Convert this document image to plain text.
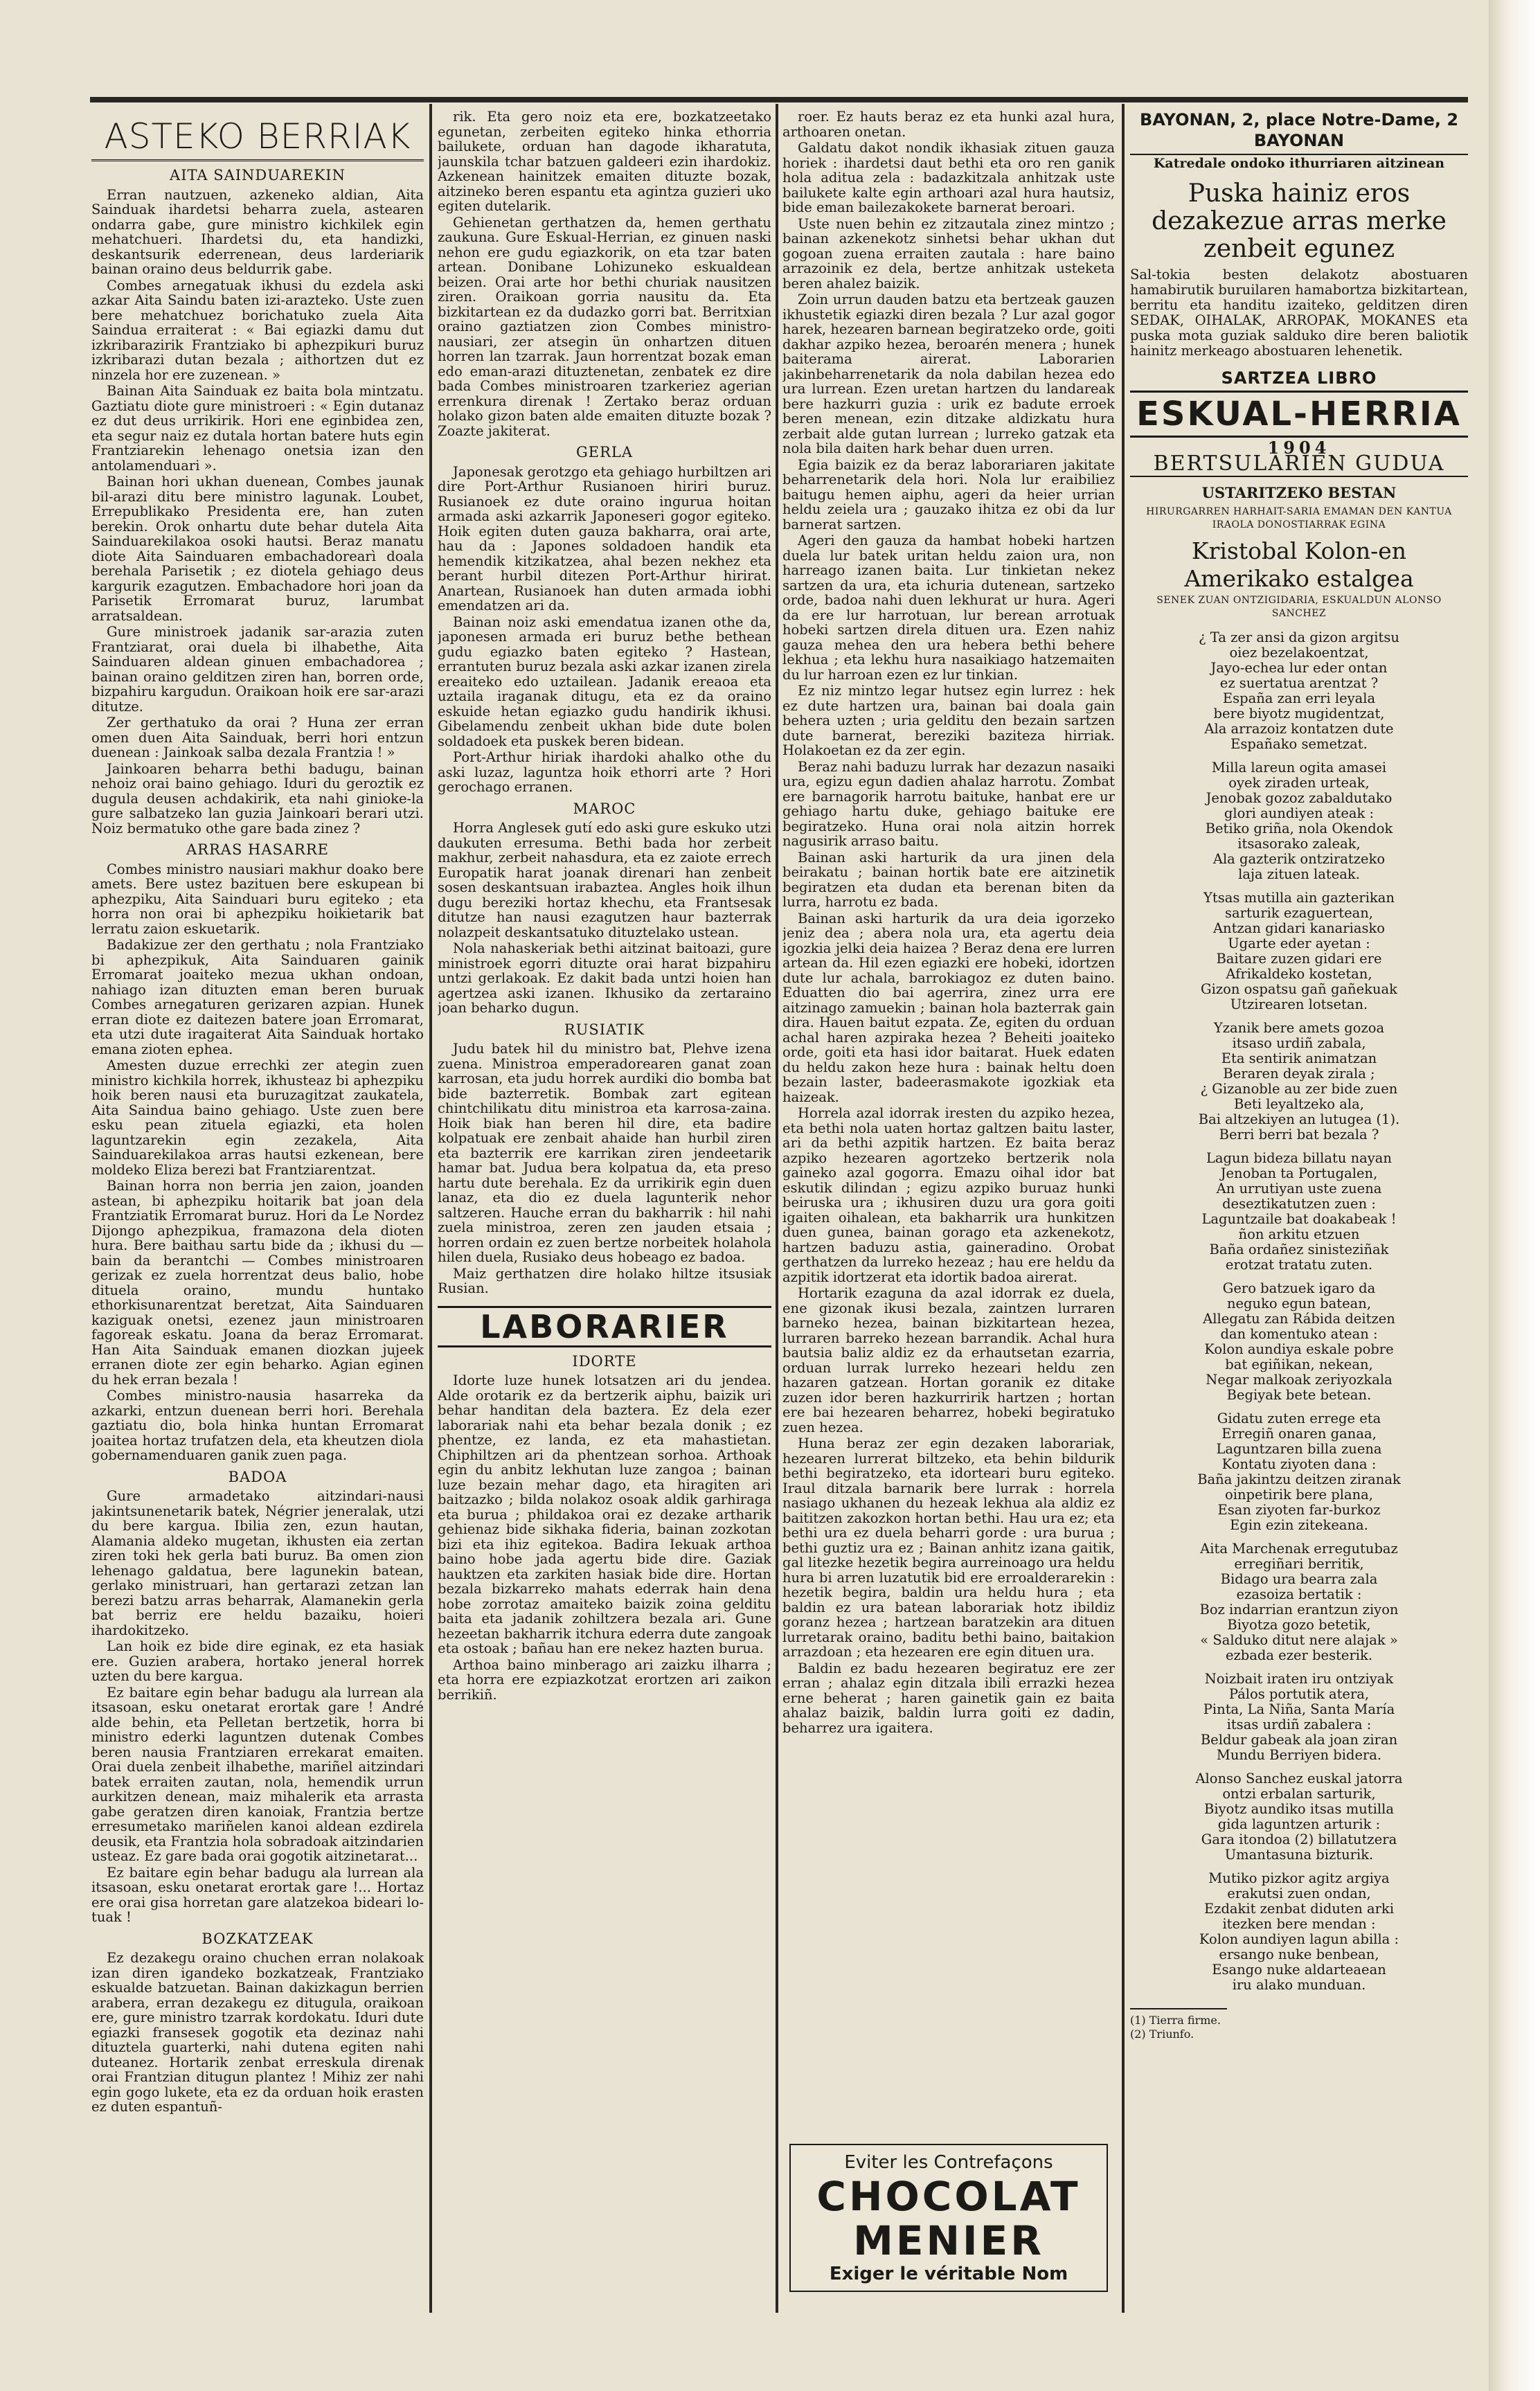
ASTEKO BERRIAK
AITA SAINDUAREKIN

Erran nautzuen, azkeneko aldian, Aita Sainduak ihardetsi beharra zuela, astearen ondarra gabe, gure ministro kichkilek egin mehatchueri. Ihardetsi du, eta handizki, deskantsurik ederrenean, deus larderiarik bainan oraino deus beldurrik gabe.

Combes arnegatuak ikhusi du ezdela aski azkar Aita Saindu baten izi-arazteko. Uste zuen bere mehatchuez borichatuko zuela Aita Saindua erraiterat : « Bai egiazki damu dut izkribarazirik Frantziako bi aphezpikuri buruz izkribarazi dutan bezala ; aithortzen dut ez ninzela hor ere zuzenean. »

Bainan Aita Sainduak ez baita bola mintzatu. Gaztiatu diote gure ministroeri : « Egin dutanaz ez dut deus urrikirik. Hori ene eginbidea zen, eta segur naiz ez dutala hortan batere huts egin Frantziarekin lehenago onetsia izan den antolamenduari ».

Bainan hori ukhan duenean, Combes jaunak bil-arazi ditu bere ministro lagunak. Loubet, Errepublikako Presidenta ere, han zuten berekin. Orok onhartu dute behar dutela Aita Sainduarekilakoa osoki hautsi. Beraz manatu diote Aita Sainduaren embachadorearì doala berehala Parisetik ; ez diotela gehiago deus kargurik ezagutzen. Embachadore hori joan da Parisetik Erromarat buruz, larumbat arratsaldean.

Gure ministroek jadanik sar-arazia zuten Frantziarat, orai duela bi ilhabethe, Aita Sainduaren aldean ginuen embachadorea ; bainan oraino gelditzen ziren han, borren orde, bizpahiru kargudun. Oraikoan hoik ere sar-arazi ditutze.

Zer gerthatuko da orai ? Huna zer erran omen duen Aita Sainduak, berri hori entzun duenean : Jainkoak salba dezala Frantzia ! »

Jainkoaren beharra bethi badugu, bainan nehoiz orai baino gehiago. Iduri du geroztik ez dugula deusen achdakirik, eta nahi ginioke-la gure salbatzeko lan guzia Jainkoari berari utzi. Noiz bermatuko othe gare bada zinez ?

ARRAS HASARRE

Combes ministro nausiari makhur doako bere amets. Bere ustez bazituen bere eskupean bi aphezpiku, Aita Sainduari buru egiteko ; eta horra non orai bi aphezpiku hoikietarik bat lerratu zaion eskuetarik.

Badakizue zer den gerthatu ; nola Frantziako bi aphezpikuk, Aita Sainduaren gainik Erromarat joaiteko mezua ukhan ondoan, nahiago izan dituzten eman beren buruak Combes arnegaturen gerizaren azpian. Hunek erran diote ez daitezen batere joan Erromarat, eta utzi dute iragaiterat Aita Sainduak hortako emana zioten ephea.

Amesten duzue errechki zer ategin zuen ministro kichkila horrek, ikhusteaz bi aphezpiku hoik beren nausi eta buruzagitzat zaukatela, Aita Saindua baino gehiago. Uste zuen bere esku pean zituela egiazki, eta holen laguntzarekin egin zezakela, Aita Sainduarekilakoa arras hautsi ezkenean, bere moldeko Eliza berezi bat Frantziarentzat.

Bainan horra non berria jen zaion, joanden astean, bi aphezpiku hoitarik bat joan dela Frantziatik Erromarat buruz. Hori da Le Nordez Dijongo aphezpikua, framazona dela dioten hura. Bere baithau sartu bide da ; ikhusi du — bain da berantchi — Combes ministroaren gerizak ez zuela horrentzat deus balio, hobe dituela oraino, mundu huntako ethorkisunarentzat beretzat, Aita Sainduaren kaziguak onetsi, ezenez jaun ministroaren fagoreak eskatu. Joana da beraz Erromarat. Han Aita Sainduak emanen diozkan jujeek erranen diote zer egin beharko. Agian eginen du hek erran bezala !

Combes ministro-nausia hasarreka da azkarki, entzun duenean berri hori. Berehala gaztiatu dio, bola hinka huntan Erromarat joaitea hortaz trufatzen dela, eta kheutzen diola gobernamenduaren ganik zuen paga.

BADOA

Gure armadetako aitzindari-nausi jakintsunenetarik batek, Négrier jeneralak, utzi du bere kargua. Ibilia zen, ezun hautan, Alamania aldeko mugetan, ikhusten eia zertan ziren toki hek gerla bati buruz. Ba omen zion lehenago galdatua, bere lagunekin batean, gerlako ministruari, han gertarazi zetzan lan berezi batzu arras beharrak, Alamanekin gerla bat berriz ere heldu bazaiku, hoieri ihardokitzeko.

Lan hoik ez bide dire eginak, ez eta hasiak ere. Guzien arabera, hortako jeneral horrek uzten du bere kargua.

Ez baitare egin behar badugu ala lurrean ala itsasoan, esku onetarat erortak gare ! André alde behin, eta Pelletan bertzetik, horra bi ministro ederki laguntzen dutenak Combes beren nausia Frantziaren errekarat emaiten. Orai duela zenbeit ilhabethe, mariñel aitzindari batek erraiten zautan, nola, hemendik urrun aurkitzen denean, maiz mihalerik eta arrasta gabe geratzen diren kanoiak, Frantzia bertze erresumetako mariñelen kanoi aldean ezdirela deusik, eta Frantzia hola sobradoak aitzindarien usteaz. Ez gare bada orai gogotik aitzinetarat...

Ez baitare egin behar badugu ala lurrean ala itsasoan, esku onetarat erortak gare !... Hortaz ere orai gisa horretan gare alatzekoa bideari lo-tuak !

BOZKATZEAK

Ez dezakegu oraino chuchen erran nolakoak izan diren igandeko bozkatzeak, Frantziako eskualde batzuetan. Bainan dakizkagun berrien arabera, erran dezakegu ez ditugula, oraikoan ere, gure ministro tzarrak kordokatu. Iduri dute egiazki fransesek gogotik eta dezinaz nahi dituztela guarterki, nahi dutena egiten nahi duteanez. Hortarik zenbat erreskula direnak orai Frantzian ditugun plantez ! Mihiz zer nahi egin gogo lukete, eta ez da orduan hoik erasten ez duten espantuñ-

rik. Eta gero noiz eta ere, bozkatzeetako egunetan, zerbeiten egiteko hinka ethorria bailukete, orduan han dagode ikharatuta, jaunskila tchar batzuen galdeeri ezin ihardokiz. Azkenean hainitzek emaiten dituzte bozak, aitzineko beren espantu eta agintza guzieri uko egiten dutelarik.

Gehienetan gerthatzen da, hemen gerthatu zaukuna. Gure Eskual-Herrian, ez ginuen naski nehon ere gudu egiazkorik, on eta tzar baten artean. Donibane Lohizuneko eskualdean beizen. Orai arte hor bethi churiak nausitzen ziren. Oraikoan gorria nausitu da. Eta bizkitartean ez da dudazko gorri bat. Berritxian oraino gaztiatzen zion Combes ministro-nausiari, zer atsegin ün onhartzen dituen horren lan tzarrak. Jaun horrentzat bozak eman edo eman-arazi dituztenetan, zenbatek ez dire bada Combes ministroaren tzarkeriez agerian errenkura direnak ! Zertako beraz orduan holako gizon baten alde emaiten dituzte bozak ? Zoazte jakiterat.

GERLA

Japonesak gerotzgo eta gehiago hurbiltzen ari dire Port-Arthur Rusianoen hiriri buruz. Rusianoek ez dute oraino ingurua hoitan armada aski azkarrik Japoneseri gogor egiteko. Hoik egiten duten gauza bakharra, orai arte, hau da : Japones soldadoen handik eta hemendik kitzikatzea, ahal bezen nekhez eta berant hurbil ditezen Port-Arthur hirirat. Anartean, Rusianoek han duten armada iobhi emendatzen ari da.

Bainan noiz aski emendatua izanen othe da, japonesen armada eri buruz bethe bethean gudu egiazko baten egiteko ? Hastean, errantuten buruz bezala aski azkar izanen zirela ereaiteko edo uztailean. Jadanik ereaoa eta uztaila iraganak ditugu, eta ez da oraino eskuide hetan egiazko gudu handirik ikhusi. Gibelamendu zenbeit ukhan bide dute bolen soldadoek eta puskek beren bidean.

Port-Arthur hiriak ihardoki ahalko othe du aski luzaz, laguntza hoik ethorri arte ? Hori gerochago erranen.

MAROC

Horra Anglesek gutí edo aski gure eskuko utzi daukuten erresuma. Bethi bada hor zerbeit makhur, zerbeit nahasdura, eta ez zaiote errech Europatik harat joanak direnari han zenbeit sosen deskantsuan irabaztea. Angles hoik ilhun dugu bereziki hortaz khechu, eta Frantsesak ditutze han nausi ezagutzen haur bazterrak nolazpeit deskantsatuko dituztelako ustean.

Nola nahaskeriak bethi aitzinat baitoazi, gure ministroek egorri dituzte orai harat bizpahiru untzi gerlakoak. Ez dakit bada untzi hoien han agertzea aski izanen. Ikhusiko da zertaraino joan beharko dugun.

RUSIATIK

Judu batek hil du ministro bat, Plehve izena zuena. Ministroa emperadorearen ganat zoan karrosan, eta judu horrek aurdiki dio bomba bat bide bazterretik. Bombak zart egitean chintchilikatu ditu ministroa eta karrosa-zaina. Hoik biak han beren hil dire, eta badire kolpatuak ere zenbait ahaide han hurbil ziren eta bazterrik ere karrikan ziren jendeetarik hamar bat. Judua bera kolpatua da, eta preso hartu dute berehala. Ez da urrikirik egin duen lanaz, eta dio ez duela lagunterik nehor saltzeren. Hauche erran du bakharrik : hil nahi zuela ministroa, zeren zen jauden etsaia ; horren ordain ez zuen bertze norbeitek holahola hilen duela, Rusiako deus hobeago ez badoa.

Maiz gerthatzen dire holako hiltze itsusiak Rusian.

LABORARIER
IDORTE

Idorte luze hunek lotsatzen ari du jendea. Alde orotarik ez da bertzerik aiphu, baizik uri behar handitan dela baztera. Ez dela ezer laborariak nahi eta behar bezala donik ; ez phentze, ez landa, ez eta mahastietan. Chiphiltzen ari da phentzean sorhoa. Arthoak egin du anbitz lekhutan luze zangoa ; bainan luze bezain mehar dago, eta hiragiten ari baitzazko ; bilda nolakoz osoak aldik garhiraga eta burua ; phildakoa orai ez dezake artharik gehienaz bide sikhaka fideria, bainan zozkotan bizi eta ihiz egitekoa. Badira Iekuak arthoa baino hobe jada agertu bide dire. Gaziak hauktzen eta zarkiten hasiak bide dire. Hortan bezala bizkarreko mahats ederrak hain dena hobe zorrotaz amaiteko baizik zoina gelditu baita eta jadanik zohiltzera bezala ari. Gune hezeetan bakharrik itchura ederra dute zangoak eta ostoak ; bañau han ere nekez hazten burua.

Arthoa baino minberago ari zaizku ilharra ; eta horra ere ezpiazkotzat erortzen ari zaikon berrikiñ.

roer. Ez hauts beraz ez eta hunki azal hura, arthoaren onetan.

Galdatu dakot nondik ikhasiak zituen gauza horiek : ihardetsi daut bethi eta oro ren ganik hola aditua zela : badazkitzala anhitzak uste bailukete kalte egin arthoari azal hura hautsiz, bide eman bailezakokete barnerat beroari.

Uste nuen behin ez zitzautala zinez mintzo ; bainan azkenekotz sinhetsi behar ukhan dut gogoan zuena erraiten zautala : hare baino arrazoinik ez dela, bertze anhitzak usteketa beren ahalez baizik.

Zoin urrun dauden batzu eta bertzeak gauzen ikhustetik egiazki diren bezala ? Lur azal gogor harek, hezearen barnean begiratzeko orde, goiti dakhar azpiko hezea, beroarén menera ; hunek baiterama airerat. Laborarien jakinbeharrenetarik da nola dabilan hezea edo ura lurrean. Ezen uretan hartzen du landareak bere hazkurri guzia : urik ez badute erroek beren menean, ezin ditzake aldizkatu hura zerbait alde gutan lurrean ; lurreko gatzak eta nola bila daiten hark behar duen urren.

Egia baizik ez da beraz laborariaren jakitate beharrenetarik dela hori. Nola lur eraibiliez baitugu hemen aiphu, ageri da heier urrian heldu zeiela ura ; gauzako ihitza ez obi da lur barnerat sartzen.

Ageri den gauza da hambat hobeki hartzen duela lur batek uritan heldu zaion ura, non harreago izanen baita. Lur tinkietan nekez sartzen da ura, eta ichuria dutenean, sartzeko orde, badoa nahi duen lekhurat ur hura. Ageri da ere lur harrotuan, lur berean arrotuak hobeki sartzen direla dituen ura. Ezen nahiz gauza mehea den ura hebera bethi behere lekhua ; eta lekhu hura nasaikiago hatzemaiten du lur harroan ezen ez lur tinkian.

Ez niz mintzo legar hutsez egin lurrez : hek ez dute hartzen ura, bainan bai doala gain behera uzten ; uria gelditu den bezain sartzen dute barnerat, bereziki baziteza hirriak. Holakoetan ez da zer egin.

Beraz nahi baduzu lurrak har dezazun nasaiki ura, egizu egun dadien ahalaz harrotu. Zombat ere barnagorik harrotu baituke, hanbat ere ur gehiago hartu duke, gehiago baituke ere begiratzeko. Huna orai nola aitzin horrek nagusirik arraso baitu.

Bainan aski harturik da ura jinen dela beirakatu ; bainan hortik bate ere aitzinetik begiratzen eta dudan eta berenan biten da lurra, harrotu ez bada.

Bainan aski harturik da ura deia igorzeko jeniz dea ; abera nola ura, eta agertu deia igozkia jelki deia haizea ? Beraz dena ere lurren artean da. Hil ezen egiazki ere hobeki, idortzen dute lur achala, barrokiagoz ez duten baino. Eduatten dio bai agerrira, zinez urra ere aitzinago zamuekin ; bainan hola bazterrak gain dira. Hauen baitut ezpata. Ze, egiten du orduan achal haren azpiraka hezea ? Beheiti joaiteko orde, goiti eta hasi idor baitarat. Huek edaten du heldu zakon heze hura : bainak heltu doen bezain laster, badeerasmakote igozkiak eta haizeak.

Horrela azal idorrak iresten du azpiko hezea, eta bethi nola uaten hortaz galtzen baitu laster, ari da bethi azpitik hartzen. Ez baita beraz azpiko hezearen agortzeko bertzerik nola gaineko azal gogorra. Emazu oihal idor bat eskutik dilindan ; egizu azpiko buruaz hunki beiruska ura ; ikhusiren duzu ura gora goiti igaiten oihalean, eta bakharrik ura hunkitzen duen gunea, bainan gorago eta azkenekotz, hartzen baduzu astia, gaineradino. Orobat gerthatzen da lurreko hezeaz ; hau ere heldu da azpitik idortzerat eta idortik badoa airerat.

Hortarik ezaguna da azal idorrak ez duela, ene gizonak ikusi bezala, zaintzen lurraren barneko hezea, bainan bizkitartean hezea, lurraren barreko hezean barrandik. Achal hura bautsia baliz aldiz ez da erhautsetan ezarria, orduan lurrak lurreko hezeari heldu zen hazaren gatzean. Hortan goranik ez ditake zuzen idor beren hazkurririk hartzen ; hortan ere bai hezearen beharrez, hobeki begiratuko zuen hezea.

Huna beraz zer egin dezaken laborariak, hezearen lurrerat biltzeko, eta behin bildurik bethi begiratzeko, eta idorteari buru egiteko. Iraul ditzala barnarik bere lurrak : horrela nasiago ukhanen du hezeak lekhua ala aldiz ez baititzen zakozkon hortan bethi. Hau ura ez; eta bethi ura ez duela beharri gorde : ura burua ; bethi guztiz ura ez ; Bainan anhitz izana gaitik, gal litezke hezetik begira aurreinoago ura heldu hura bi arren luzatutik bid ere erroalderarekin : hezetik begira, baldin ura heldu hura ; eta baldin ez ura batean laborariak hotz ibildiz goranz hezea ; hartzean baratzekin ara dituen lurretarak oraino, baditu bethi baino, baitakion arrazdoan ; eta hezearen ere egin dituen ura.

Baldin ez badu hezearen begiratuz ere zer erran ; ahalaz egin ditzala ibili errazki hezea erne beherat ; haren gainetik gain ez baita ahalaz baizik, baldin lurra goiti ez dadin, beharrez ura igaitera.

Eviter les Contrefaçons
CHOCOLAT
MENIER
Exiger le véritable Nom
BAYONAN, 2, place Notre-Dame, 2 BAYONAN
Katredale ondoko ithurriaren aitzinean
Puska hainiz eros dezakezue arras merke zenbeit egunez
Sal-tokia besten delakotz abostuaren hamabirutik buruilaren hamabortza bizkitartean, berritu eta handitu izaiteko, gelditzen diren SEDAK, OIHALAK, ARROPAK, MOKANES eta puska mota guziak salduko dire beren baliotik hainitz merkeago abostuaren lehenetik.
SARTZEA LIBRO
ESKUAL-HERRIA
1904
BERTSULARIEN GUDUA
USTARITZEKO BESTAN
HIRURGARREN HARHAIT-SARIA EMAMAN DEN KANTUA
IRAOLA DONOSTIARRAK EGINA
Kristobal Kolon-en Amerikako estalgea
SENEK ZUAN ONTZIGIDARIA, ESKUALDUN ALONSO SANCHEZ
¿ Ta zer ansi da gizon argitsu
oiez bezelakoentzat,
Jayo-echea lur eder ontan
ez suertatua arentzat ?
España zan erri leyala
bere biyotz mugidentzat,
Ala arrazoiz kontatzen dute
Españako semetzat.
Milla lareun ogita amasei
oyek ziraden urteak,
Jenobak gozoz zabaldutako
glori aundiyen ateak :
Betiko griña, nola Okendok
itsasorako zaleak,
Ala gazterik ontziratzeko
laja zituen lateak.
Ytsas mutilla ain gazterikan
sarturik ezaguertean,
Antzan gidari kanariasko
Ugarte eder ayetan :
Baitare zuzen gidari ere
Afrikaldeko kostetan,
Gizon ospatsu gañ gañekuak
Utzirearen lotsetan.
Yzanik bere amets gozoa
itsaso urdiñ zabala,
Eta sentirik animatzan
Beraren deyak zirala ;
¿ Gizanoble au zer bide zuen
Beti leyaltzeko ala,
Bai altzekiyen an lutugea (1).
Berri berri bat bezala ?
Lagun bideza billatu nayan
Jenoban ta Portugalen,
An urrutiyan uste zuena
deseztikatutzen zuen :
Laguntzaile bat doakabeak !
ñon arkitu etzuen
Baña ordañez sinisteziñak
erotzat tratatu zuten.
Gero batzuek igaro da
neguko egun batean,
Allegatu zan Rábida deitzen
dan komentuko atean :
Kolon aundiya eskale pobre
bat egiñikan, nekean,
Negar malkoak zeriyozkala
Begiyak bete betean.
Gidatu zuten errege eta
Erregiñ onaren ganaa,
Laguntzaren billa zuena
Kontatu ziyoten dana :
Baña jakintzu deitzen ziranak
oinpetirik bere plana,
Esan ziyoten far-burkoz
Egin ezin zitekeana.
Aita Marchenak erregutubaz
erregiñari berritik,
Bidago ura bearra zala
ezasoiza bertatik :
Boz indarrian erantzun ziyon
Biyotza gozo betetik,
« Salduko ditut nere alajak »
ezbada ezer besterik.
Noizbait iraten iru ontziyak
Pálos portutik atera,
Pinta, La Niña, Santa María
itsas urdiñ zabalera :
Beldur gabeak ala joan ziran
Mundu Berriyen bidera.
Alonso Sanchez euskal jatorra
ontzi erbalan sarturik,
Biyotz aundiko itsas mutilla
gida laguntzen arturik :
Gara itondoa (2) billatutzera
Umantasuna bizturik.
Mutiko pizkor agitz argiya
erakutsi zuen ondan,
Ezdakit zenbat diduten arki
itezken bere mendan :
Kolon aundiyen lagun abilla :
ersango nuke benbean,
Esango nuke aldarteaean
iru alako munduan.
(1) Tierra firme.
(2) Triunfo.
